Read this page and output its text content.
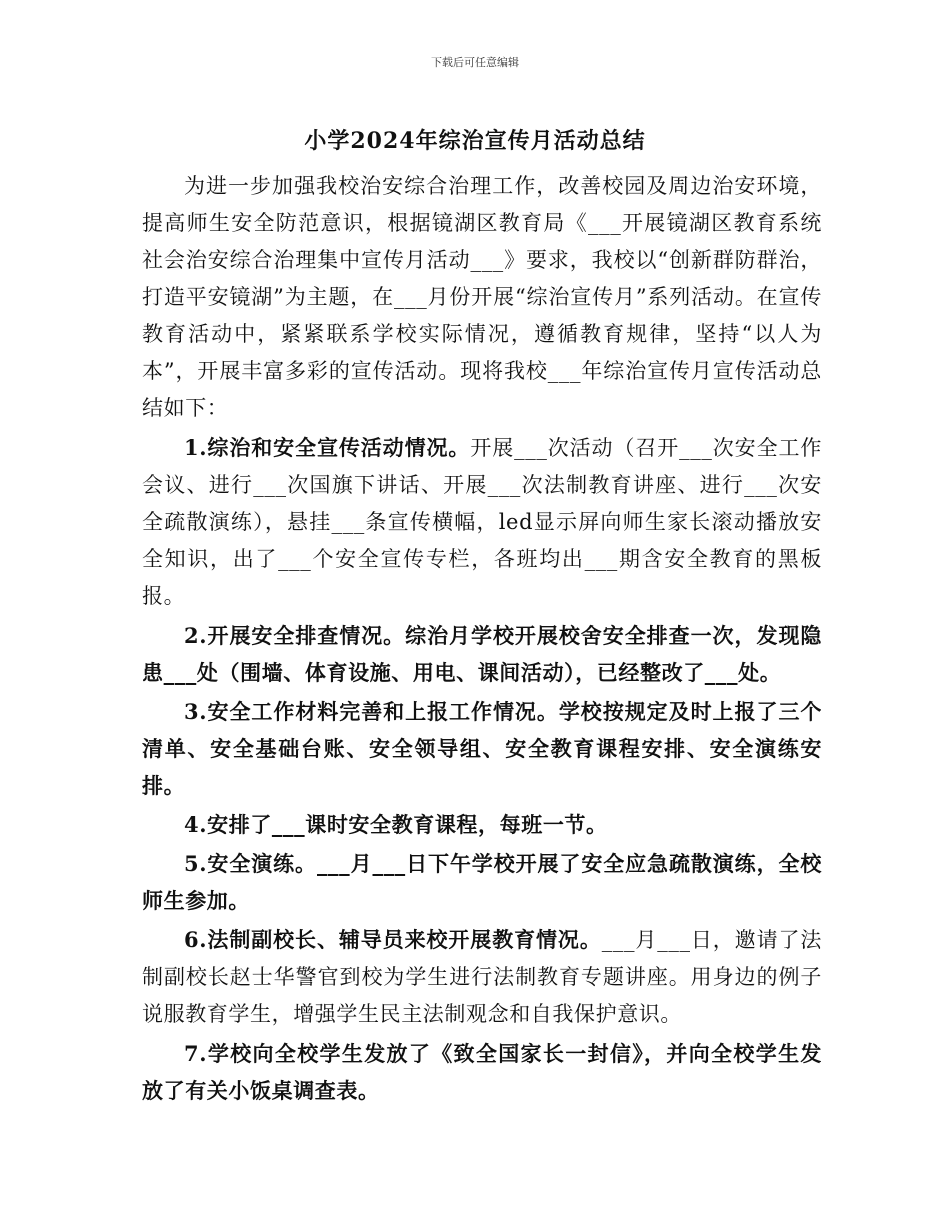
下载后可任意编辑
小学2024年综治宣传月活动总结

为进一步加强我校治安综合治理工作，改善校园及周边治安环境，提高师生安全防范意识，根据镜湖区教育局《___开展镜湖区教育系统社会治安综合治理集中宣传月活动___》要求，我校以“创新群防群治，打造平安镜湖”为主题，在___月份开展“综治宣传月”系列活动。在宣传教育活动中，紧紧联系学校实际情况，遵循教育规律，坚持“以人为本”，开展丰富多彩的宣传活动。现将我校___年综治宣传月宣传活动总结如下：

1.综治和安全宣传活动情况。开展___次活动（召开___次安全工作会议、进行___次国旗下讲话、开展___次法制教育讲座、进行___次安全疏散演练），悬挂___条宣传横幅，led显示屏向师生家长滚动播放安全知识，出了___个安全宣传专栏，各班均出___期含安全教育的黑板报。

2.开展安全排查情况。综治月学校开展校舍安全排查一次，发现隐患___处（围墙、体育设施、用电、课间活动），已经整改了___处。

3.安全工作材料完善和上报工作情况。学校按规定及时上报了三个清单、安全基础台账、安全领导组、安全教育课程安排、安全演练安排。

4.安排了___课时安全教育课程，每班一节。

5.安全演练。___月___日下午学校开展了安全应急疏散演练，全校师生参加。

6.法制副校长、辅导员来校开展教育情况。___月___日，邀请了法制副校长赵士华警官到校为学生进行法制教育专题讲座。用身边的例子说服教育学生，增强学生民主法制观念和自我保护意识。

7.学校向全校学生发放了《致全国家长一封信》，并向全校学生发放了有关小饭桌调查表。
